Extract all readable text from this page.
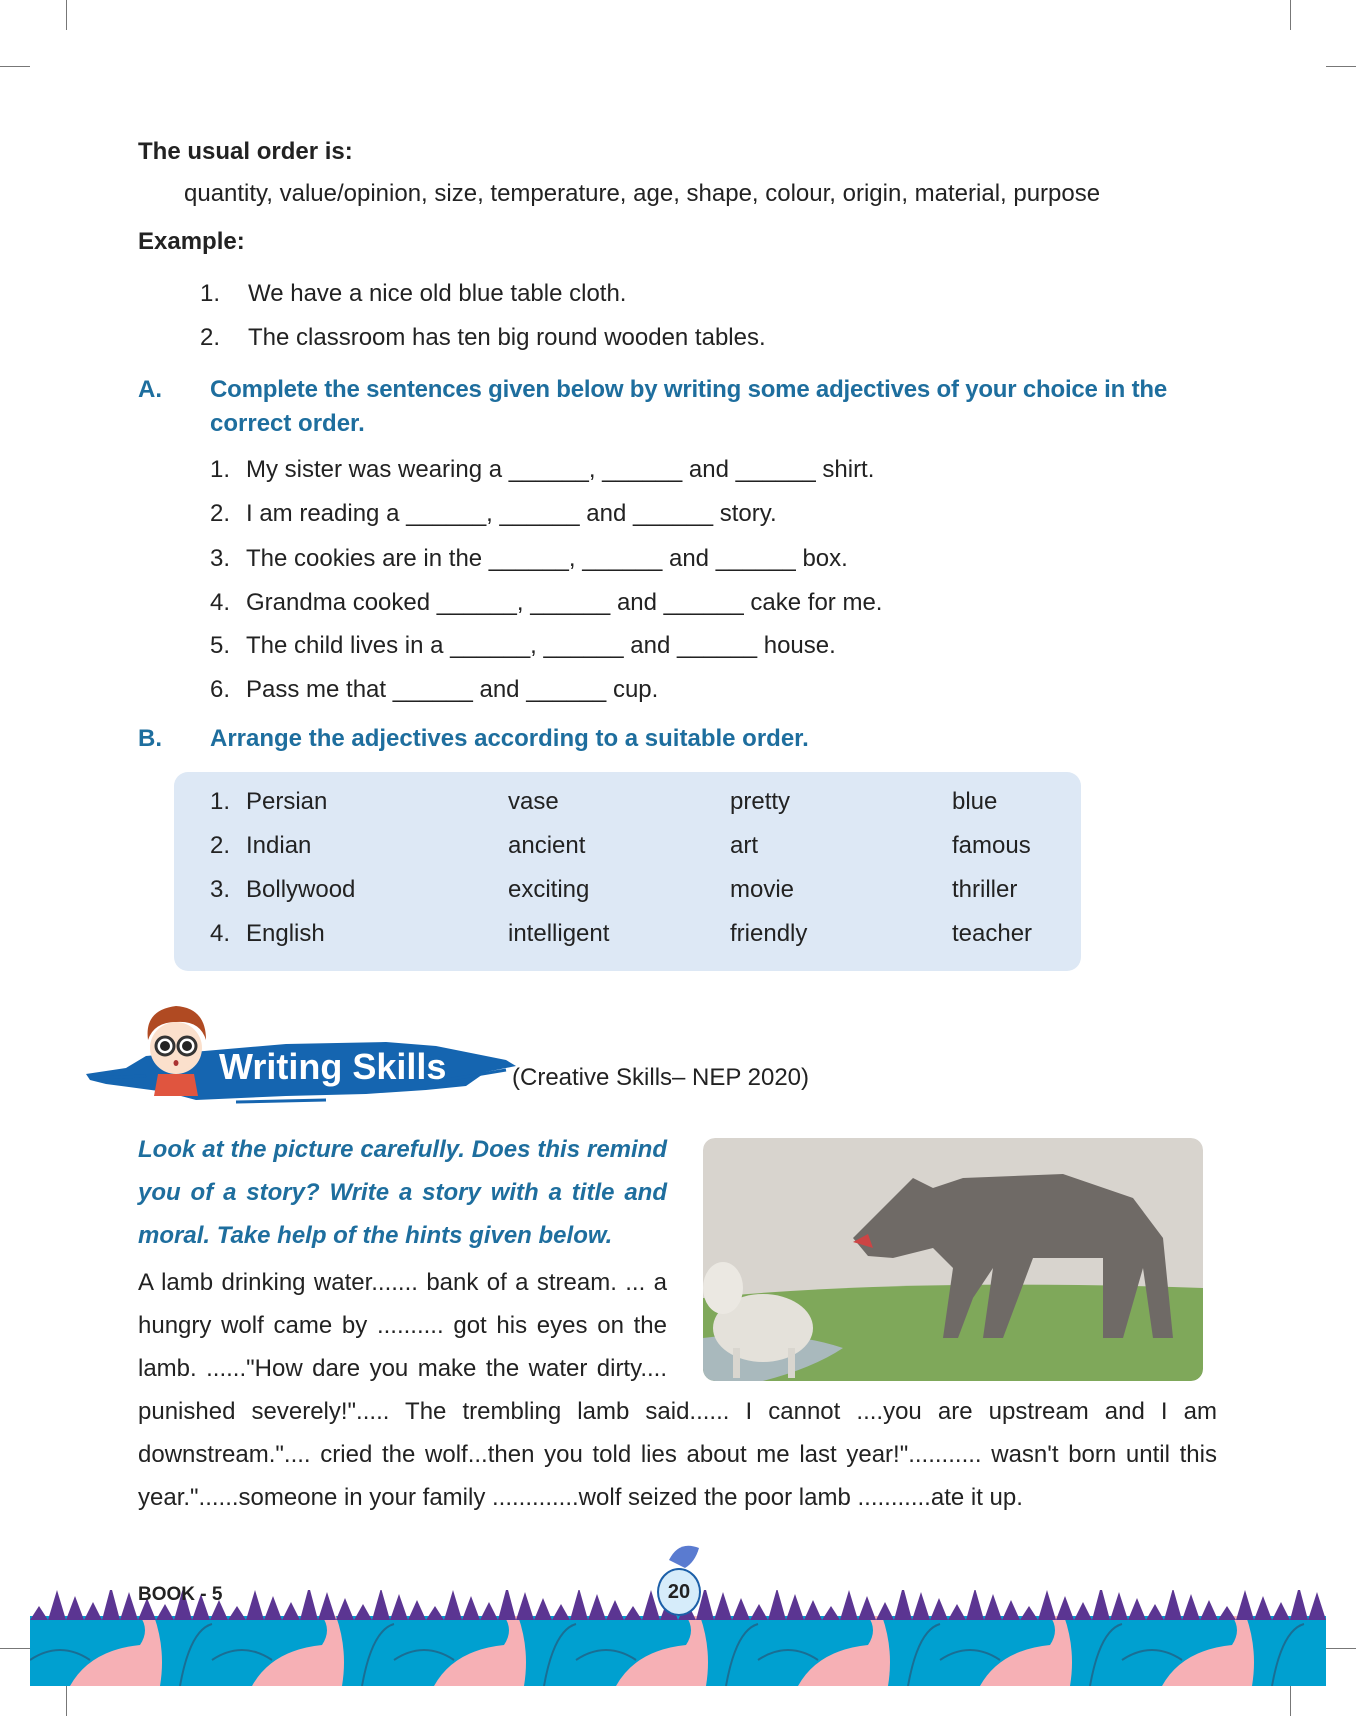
The usual order is:
quantity, value/opinion, size, temperature, age, shape, colour, origin, material, purpose
Example:
1. We have a nice old blue table cloth.
2. The classroom has ten big round wooden tables.
A. Complete the sentences given below by writing some adjectives of your choice in the
correct order.
1. My sister was wearing a ______, ______ and ______ shirt.
2. I am reading a ______, ______ and ______ story.
3. The cookies are in the ______, ______ and ______ box.
4. Grandma cooked ______, ______ and ______ cake for me.
5. The child lives in a ______, ______ and ______ house.
6. Pass me that ______ and ______ cup.
B. Arrange the adjectives according to a suitable order.
1. Persian	vase	pretty	blue
2. Indian	ancient	art	famous
3. Bollywood	exciting	movie	thriller
4. English	intelligent	friendly	teacher
Writing Skills	(Creative Skills– NEP 2020)

Look at the picture carefully. Does this remind you of a story? Write a story with a title and moral. Take help of the hints given below.

A lamb drinking water....... bank of a stream. ... a hungry wolf came by .......... got his eyes on the lamb. ......"How dare you make the water dirty.... punished severely!"..... The trembling lamb said...... I cannot ....you are upstream and I am downstream.".... cried the wolf...then you told lies about me last year!"........... wasn't born until this year."......someone in your family .............wolf seized the poor lamb ...........ate it up.

BOOK - 5	20
